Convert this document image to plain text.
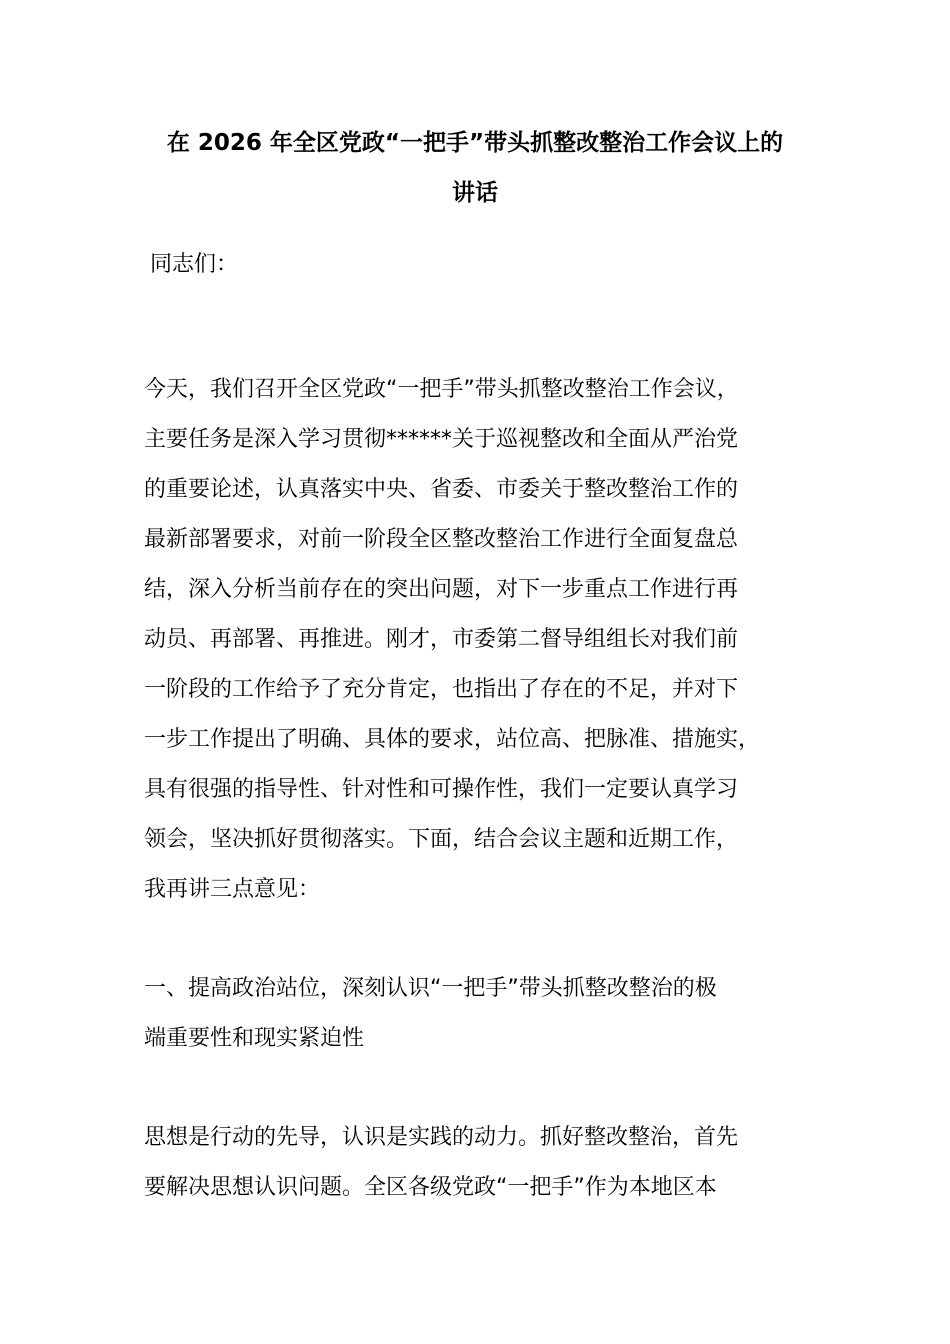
在 2026 年全区党政“一把手”带头抓整改整治工作会议上的
讲话
同志们：
今天，我们召开全区党政“一把手”带头抓整改整治工作会议，
主要任务是深入学习贯彻******关于巡视整改和全面从严治党
的重要论述，认真落实中央、省委、市委关于整改整治工作的
最新部署要求，对前一阶段全区整改整治工作进行全面复盘总
结，深入分析当前存在的突出问题，对下一步重点工作进行再
动员、再部署、再推进。刚才，市委第二督导组组长对我们前
一阶段的工作给予了充分肯定，也指出了存在的不足，并对下
一步工作提出了明确、具体的要求，站位高、把脉准、措施实，
具有很强的指导性、针对性和可操作性，我们一定要认真学习
领会，坚决抓好贯彻落实。下面，结合会议主题和近期工作，
我再讲三点意见：
一、提高政治站位，深刻认识“一把手”带头抓整改整治的极
端重要性和现实紧迫性
思想是行动的先导，认识是实践的动力。抓好整改整治，首先
要解决思想认识问题。全区各级党政“一把手”作为本地区本
